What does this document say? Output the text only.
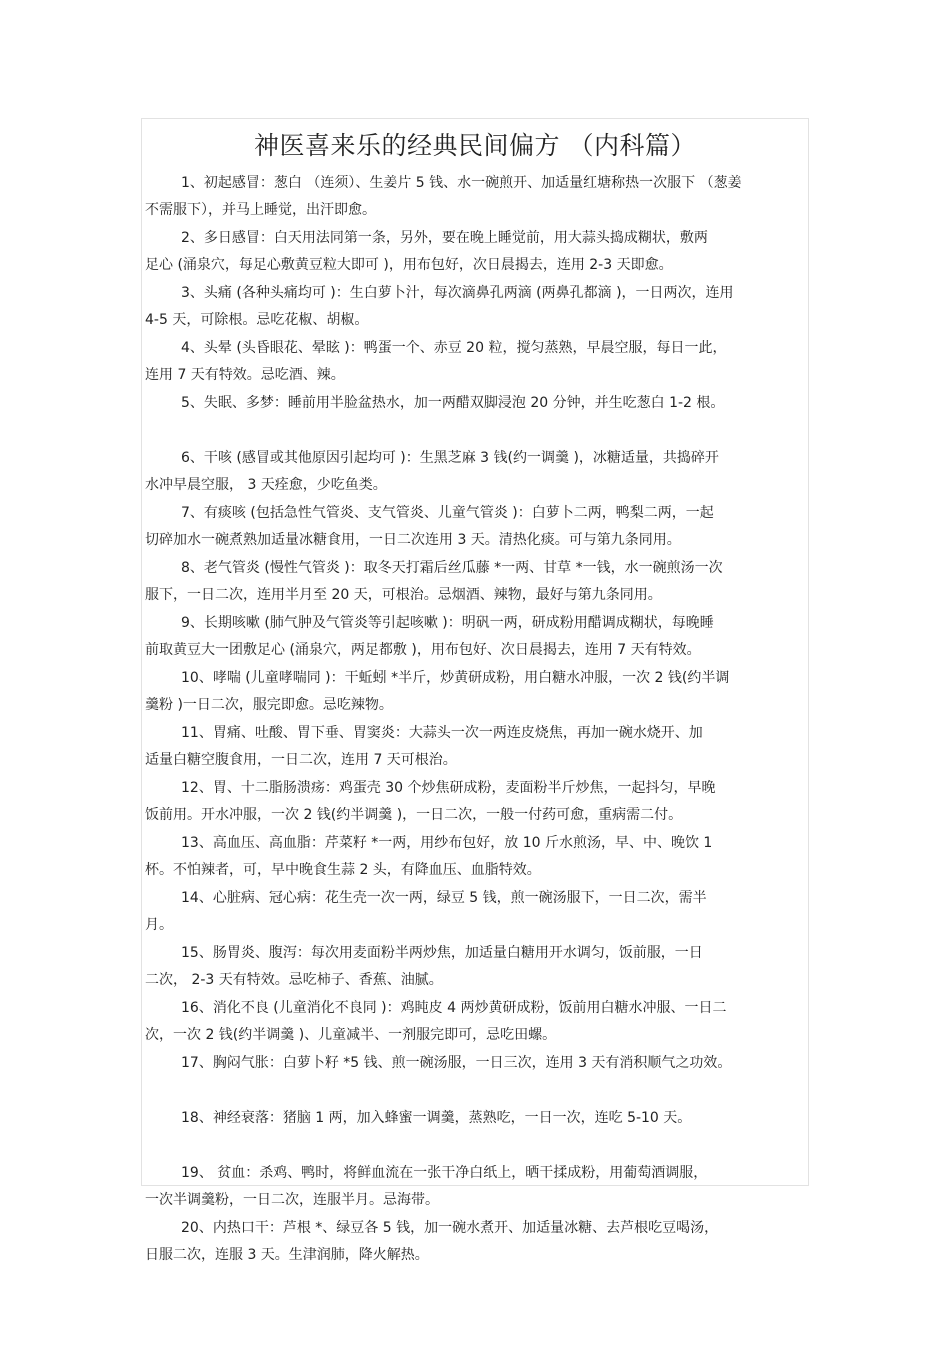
神医喜来乐的经典民间偏方 （内科篇）
1、初起感冒：葱白 （连须）、生姜片 5 钱、水一碗煎开、加适量红塘称热一次服下 （葱姜
不需服下），并马上睡觉，出汗即愈。
2、多日感冒：白天用法同第一条，另外，要在晚上睡觉前，用大蒜头捣成糊状，敷两
足心 (涌泉穴，每足心敷黄豆粒大即可 )，用布包好，次日晨揭去，连用 2-3 天即愈。
3、头痛 (各种头痛均可 )：生白萝卜汁，每次滴鼻孔两滴 (两鼻孔都滴 )，一日两次，连用
4-5 天，可除根。忌吃花椒、胡椒。
4、头晕 (头昏眼花、晕眩 )：鸭蛋一个、赤豆 20 粒，搅匀蒸熟，早晨空服，每日一此，
连用 7 天有特效。忌吃酒、辣。
5、失眠、多梦：睡前用半脸盆热水，加一两醋双脚浸泡 20 分钟，并生吃葱白 1-2 根。
6、干咳 (感冒或其他原因引起均可 )：生黑芝麻 3 钱(约一调羹 )，冰糖适量，共捣碎开
水冲早晨空服， 3 天痊愈，少吃鱼类。
7、有痰咳 (包括急性气管炎、支气管炎、儿童气管炎 )：白萝卜二两，鸭梨二两，一起
切碎加水一碗煮熟加适量冰糖食用，一日二次连用 3 天。清热化痰。可与第九条同用。
8、老气管炎 (慢性气管炎 )：取冬天打霜后丝瓜藤 *一两、甘草 *一钱，水一碗煎汤一次
服下，一日二次，连用半月至 20 天，可根治。忌烟酒、辣物，最好与第九条同用。
9、长期咳嗽 (肺气肿及气管炎等引起咳嗽 )：明矾一两，研成粉用醋调成糊状，每晚睡
前取黄豆大一团敷足心 (涌泉穴，两足都敷 )，用布包好、次日晨揭去，连用 7 天有特效。
10、哮喘 (儿童哮喘同 )：干蚯蚓 *半斤，炒黄研成粉，用白糖水冲服，一次 2 钱(约半调
羹粉 )一日二次，服完即愈。忌吃辣物。
11、胃痛、吐酸、胃下垂、胃窦炎：大蒜头一次一两连皮烧焦，再加一碗水烧开、加
适量白糖空腹食用，一日二次，连用 7 天可根治。
12、胃、十二脂肠溃疡：鸡蛋壳 30 个炒焦研成粉，麦面粉半斤炒焦，一起抖匀，早晚
饭前用。开水冲服，一次 2 钱(约半调羹 )，一日二次，一般一付药可愈，重病需二付。
13、高血压、高血脂：芹菜籽 *一两，用纱布包好，放 10 斤水煎汤，早、中、晚饮 1
杯。不怕辣者，可，早中晚食生蒜 2 头，有降血压、血脂特效。
14、心脏病、冠心病：花生壳一次一两，绿豆 5 钱，煎一碗汤服下，一日二次，需半
月。
15、肠胃炎、腹泻：每次用麦面粉半两炒焦，加适量白糖用开水调匀，饭前服，一日
二次， 2-3 天有特效。忌吃柿子、香蕉、油腻。
16、消化不良 (儿童消化不良同 )：鸡盹皮 4 两炒黄研成粉，饭前用白糖水冲服、一日二
次，一次 2 钱(约半调羹 )、儿童减半、一剂服完即可，忌吃田螺。
17、胸闷气胀：白萝卜籽 *5 钱、煎一碗汤服，一日三次，连用 3 天有消积顺气之功效。
18、神经衰落：猪脑 1 两，加入蜂蜜一调羹，蒸熟吃，一日一次，连吃 5-10 天。
19、 贫血：杀鸡、鸭时，将鲜血流在一张干净白纸上，晒干揉成粉，用葡萄酒调服，
一次半调羹粉，一日二次，连服半月。忌海带。
20、内热口干：芦根 *、绿豆各 5 钱，加一碗水煮开、加适量冰糖、去芦根吃豆喝汤，
日服二次，连服 3 天。生津润肺，降火解热。
